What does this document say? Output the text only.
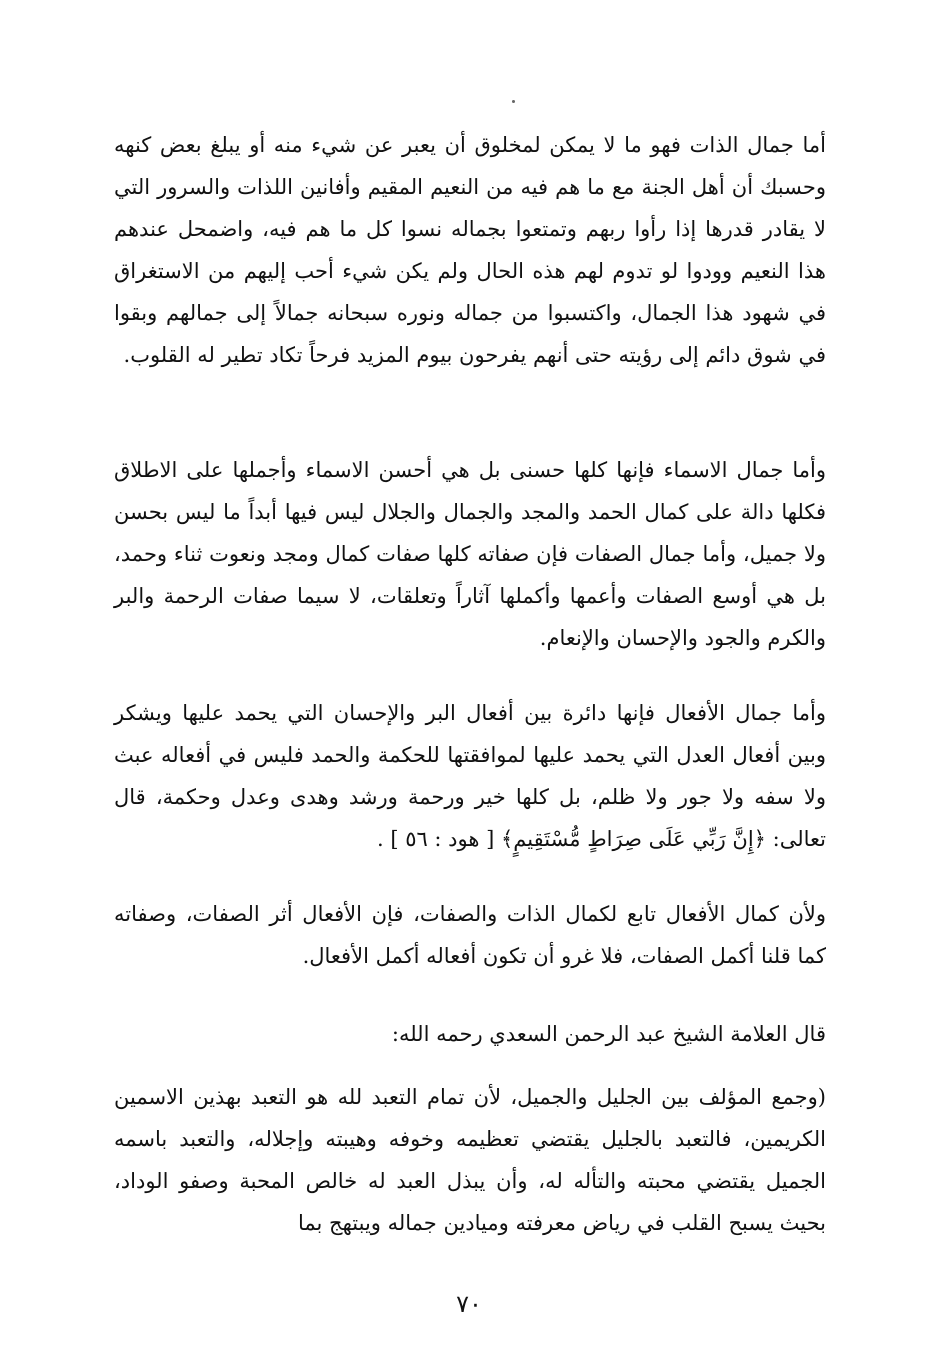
أما جمال الذات فهو ما لا يمكن لمخلوق أن يعبر عن شيء منه أو يبلغ بعض كنهه وحسبك أن أهل الجنة مع ما هم فيه من النعيم المقيم وأفانين اللذات والسرور التي لا يقادر قدرها إذا رأوا ربهم وتمتعوا بجماله نسوا كل ما هم فيه، واضمحل عندهم هذا النعيم وودوا لو تدوم لهم هذه الحال ولم يكن شيء أحب إليهم من الاستغراق في شهود هذا الجمال، واكتسبوا من جماله ونوره سبحانه جمالاً إلى جمالهم وبقوا في شوق دائم إلى رؤيته حتى أنهم يفرحون بيوم المزيد فرحاً تكاد تطير له القلوب.

وأما جمال الاسماء فإنها كلها حسنى بل هي أحسن الاسماء وأجملها على الاطلاق فكلها دالة على كمال الحمد والمجد والجمال والجلال ليس فيها أبداً ما ليس بحسن ولا جميل، وأما جمال الصفات فإن صفاته كلها صفات كمال ومجد ونعوت ثناء وحمد، بل هي أوسع الصفات وأعمها وأكملها آثاراً وتعلقات، لا سيما صفات الرحمة والبر والكرم والجود والإحسان والإنعام.

وأما جمال الأفعال فإنها دائرة بين أفعال البر والإحسان التي يحمد عليها ويشكر وبين أفعال العدل التي يحمد عليها لموافقتها للحكمة والحمد فليس في أفعاله عبث ولا سفه ولا جور ولا ظلم، بل كلها خير ورحمة ورشد وهدى وعدل وحكمة، قال تعالى: ﴿إِنَّ رَبِّي عَلَى صِرَاطٍ مُّسْتَقِيمٍ﴾ [ هود : ٥٦ ] .

ولأن كمال الأفعال تابع لكمال الذات والصفات، فإن الأفعال أثر الصفات، وصفاته كما قلنا أكمل الصفات، فلا غرو أن تكون أفعاله أكمل الأفعال.

قال العلامة الشيخ عبد الرحمن السعدي رحمه الله:

(وجمع المؤلف بين الجليل والجميل، لأن تمام التعبد لله هو التعبد بهذين الاسمين الكريمين، فالتعبد بالجليل يقتضي تعظيمه وخوفه وهيبته وإجلاله، والتعبد باسمه الجميل يقتضي محبته والتأله له، وأن يبذل العبد له خالص المحبة وصفو الوداد، بحيث يسبح القلب في رياض معرفته وميادين جماله ويبتهج بما

٧٠
